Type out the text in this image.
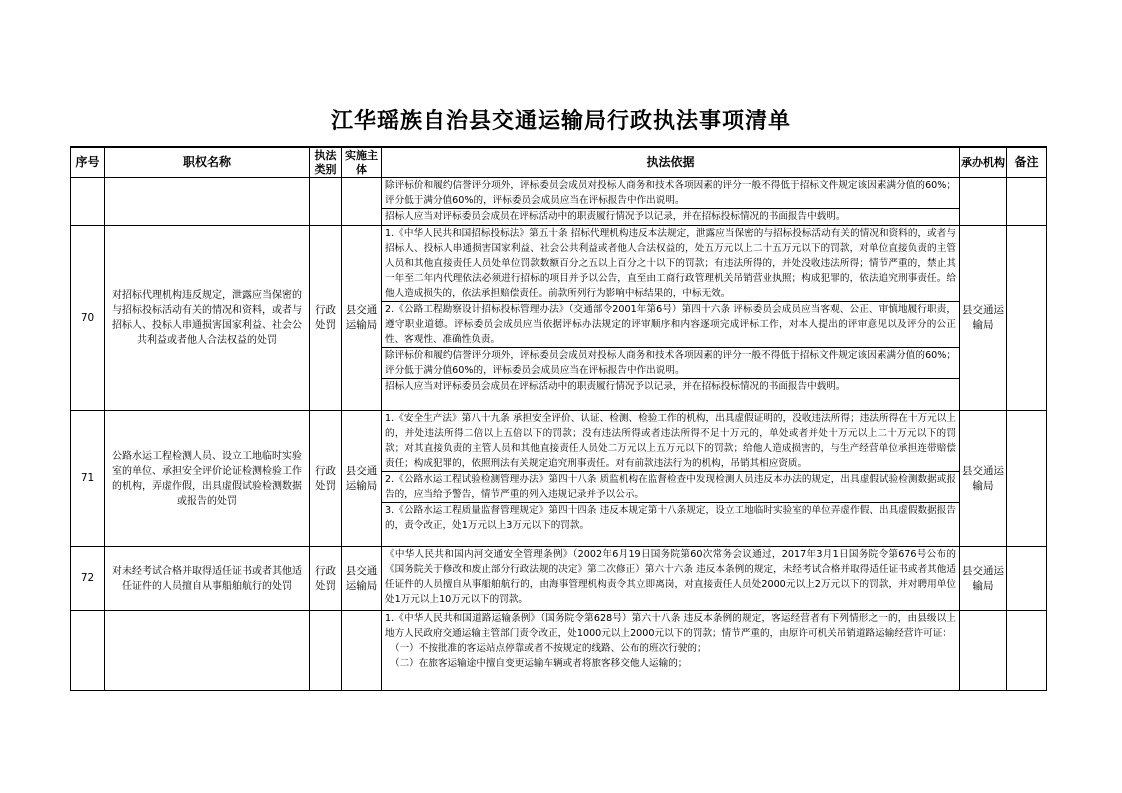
江华瑶族自治县交通运输局行政执法事项清单
序号	职权名称	执法类别	实施主体	执法依据	承办机构	备注

				除评标价和履约信誉评分项外，评标委员会成员对投标人商务和技术各项因素的评分一般不得低于招标文件规定该因素满分值的60%；评分低于满分值60%的，评标委员会成员应当在评标报告中作出说明。
招标人应当对评标委员会成员在评标活动中的职责履行情况予以记录，并在招标投标情况的书面报告中载明。		

70	对招标代理机构违反规定，泄露应当保密的与招标投标活动有关的情况和资料，或者与招标人、投标人串通损害国家利益、社会公共利益或者他人合法权益的处罚	行政处罚	县交通运输局	1.《中华人民共和国招标投标法》第五十条 招标代理机构违反本法规定，泄露应当保密的与招标投标活动有关的情况和资料的，或者与招标人、投标人串通损害国家利益、社会公共利益或者他人合法权益的，处五万元以上二十五万元以下的罚款，对单位直接负责的主管人员和其他直接责任人员处单位罚款数额百分之五以上百分之十以下的罚款；有违法所得的，并处没收违法所得；情节严重的，禁止其一年至二年内代理依法必须进行招标的项目并予以公告，直至由工商行政管理机关吊销营业执照；构成犯罪的，依法追究刑事责任。给他人造成损失的，依法承担赔偿责任。前款所列行为影响中标结果的，中标无效。
2.《公路工程勘察设计招标投标管理办法》（交通部令2001年第6号）第四十六条 评标委员会成员应当客观、公正、审慎地履行职责，遵守职业道德。评标委员会成员应当依据评标办法规定的评审顺序和内容逐项完成评标工作，对本人提出的评审意见以及评分的公正性、客观性、准确性负责。
除评标价和履约信誉评分项外，评标委员会成员对投标人商务和技术各项因素的评分一般不得低于招标文件规定该因素满分值的60%；评分低于满分值60%的，评标委员会成员应当在评标报告中作出说明。
招标人应当对评标委员会成员在评标活动中的职责履行情况予以记录，并在招标投标情况的书面报告中载明。	县交通运输局	
71	公路水运工程检测人员、设立工地临时实验室的单位、承担安全评价论证检测检验工作的机构，弄虚作假，出具虚假试验检测数据或报告的处罚	行政处罚	县交通运输局	1.《安全生产法》第八十九条 承担安全评价、认证、检测、检验工作的机构，出具虚假证明的，没收违法所得；违法所得在十万元以上的，并处违法所得二倍以上五倍以下的罚款；没有违法所得或者违法所得不足十万元的，单处或者并处十万元以上二十万元以下的罚款；对其直接负责的主管人员和其他直接责任人员处二万元以上五万元以下的罚款；给他人造成损害的，与生产经营单位承担连带赔偿责任；构成犯罪的，依照刑法有关规定追究刑事责任。对有前款违法行为的机构，吊销其相应资质。
2.《公路水运工程试验检测管理办法》第四十八条 质监机构在监督检查中发现检测人员违反本办法的规定，出具虚假试验检测数据或报告的，应当给予警告，情节严重的列入违规记录并予以公示。
3.《公路水运工程质量监督管理规定》第四十四条 违反本规定第十八条规定，设立工地临时实验室的单位弄虚作假、出具虚假数据报告的，责令改正，处1万元以上3万元以下的罚款。	县交通运输局	
72	对未经考试合格并取得适任证书或者其他适任证件的人员擅自从事船舶航行的处罚	行政处罚	县交通运输局	《中华人民共和国内河交通安全管理条例》（2002年6月19日国务院第60次常务会议通过，2017年3月1日国务院令第676号公布的《国务院关于修改和废止部分行政法规的决定》第二次修正）第六十六条 违反本条例的规定，未经考试合格并取得适任证书或者其他适任证件的人员擅自从事船舶航行的，由海事管理机构责令其立即离岗，对直接责任人员处2000元以上2万元以下的罚款，并对聘用单位处1万元以上10万元以下的罚款。	县交通运输局	

				1.《中华人民共和国道路运输条例》（国务院令第628号）第六十八条 违反本条例的规定，客运经营者有下列情形之一的，由县级以上地方人民政府交通运输主管部门责令改正，处1000元以上2000元以下的罚款；情节严重的，由原许可机关吊销道路运输经营许可证：
（一）不按批准的客运站点停靠或者不按规定的线路、公布的班次行驶的；
（二）在旅客运输途中擅自变更运输车辆或者将旅客移交他人运输的；		
